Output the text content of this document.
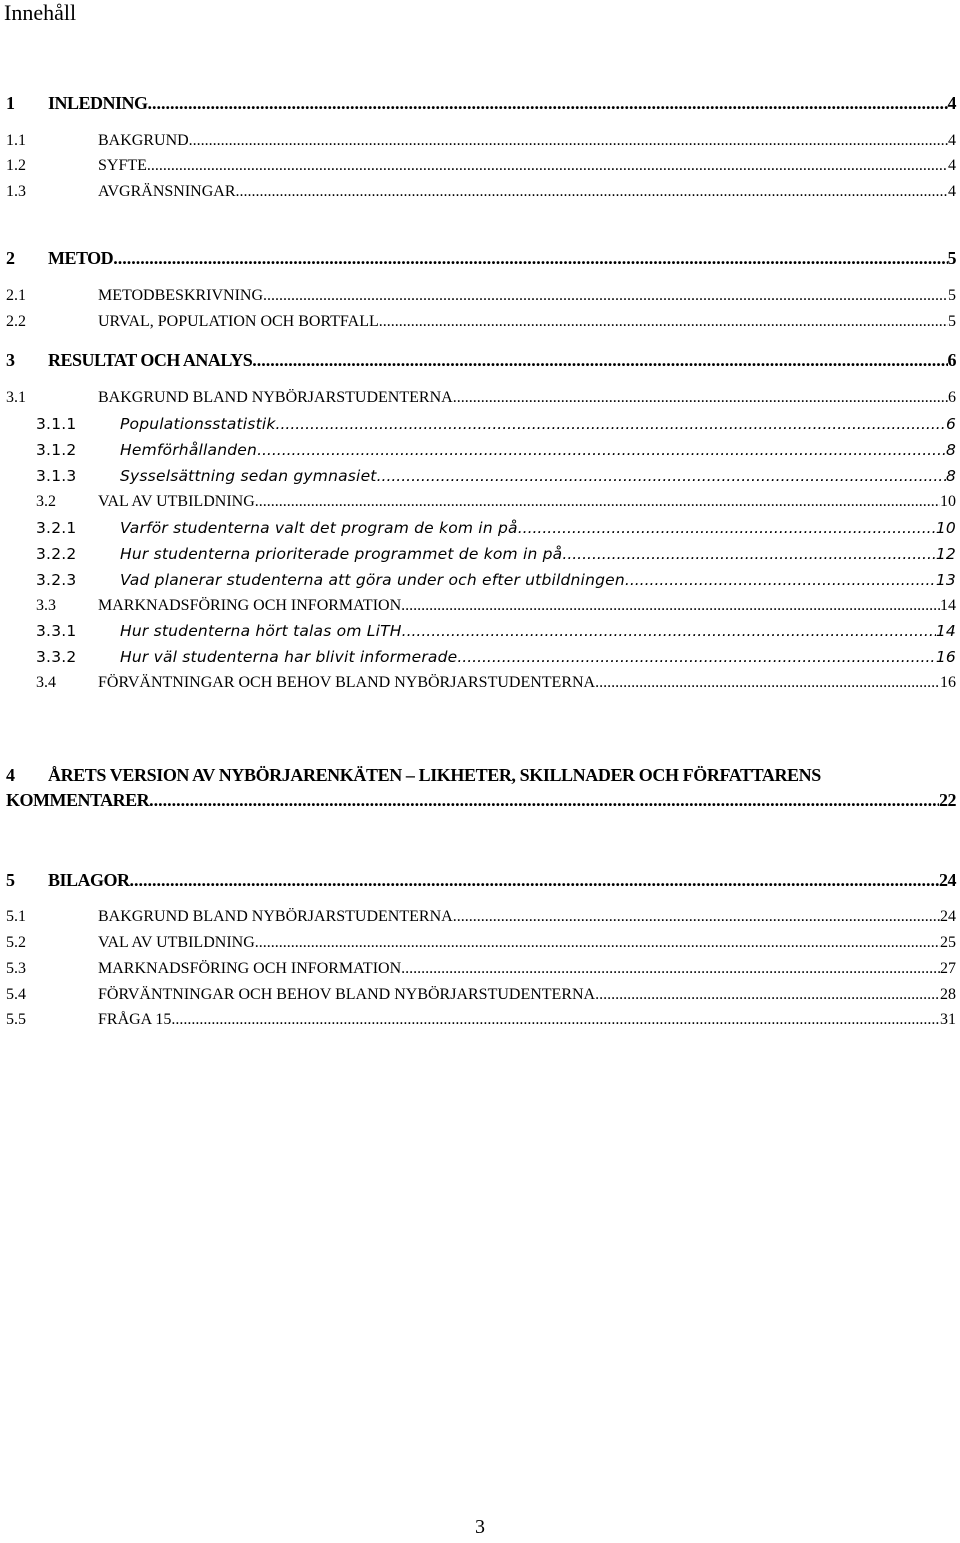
Innehåll
1	INLEDNING .....	4
1.1	BAKGRUND .....	4
1.2	SYFTE .....	4
1.3	AVGRÄNSNINGAR .....	4
2	METOD .....	5
2.1	METODBESKRIVNING .....	5
2.2	URVAL, POPULATION OCH BORTFALL .....	5
3	RESULTAT OCH ANALYS .....	6
3.1	BAKGRUND BLAND NYBÖRJARSTUDENTERNA .....	6
3.1.1	Populationsstatistik .....	6
3.1.2	Hemförhållanden .....	8
3.1.3	Sysselsättning sedan gymnasiet .....	8
3.2	VAL AV UTBILDNING .....	10
3.2.1	Varför studenterna valt det program de kom in på .....	10
3.2.2	Hur studenterna prioriterade programmet de kom in på .....	12
3.2.3	Vad planerar studenterna att göra under och efter utbildningen .....	13
3.3	MARKNADSFÖRING OCH INFORMATION .....	14
3.3.1	Hur studenterna hört talas om LiTH .....	14
3.3.2	Hur väl studenterna har blivit informerade .....	16
3.4	FÖRVÄNTNINGAR OCH BEHOV BLAND NYBÖRJARSTUDENTERNA .....	16
4 ÅRETS VERSION AV NYBÖRJARENKÄTEN – LIKHETER, SKILLNADER OCH FÖRFATTARENS
KOMMENTARER .....	22
5	BILAGOR .....	24
5.1	BAKGRUND BLAND NYBÖRJARSTUDENTERNA .....	24
5.2	VAL AV UTBILDNING .....	25
5.3	MARKNADSFÖRING OCH INFORMATION .....	27
5.4	FÖRVÄNTNINGAR OCH BEHOV BLAND NYBÖRJARSTUDENTERNA .....	28
5.5	FRÅGA 15 .....	31
3
